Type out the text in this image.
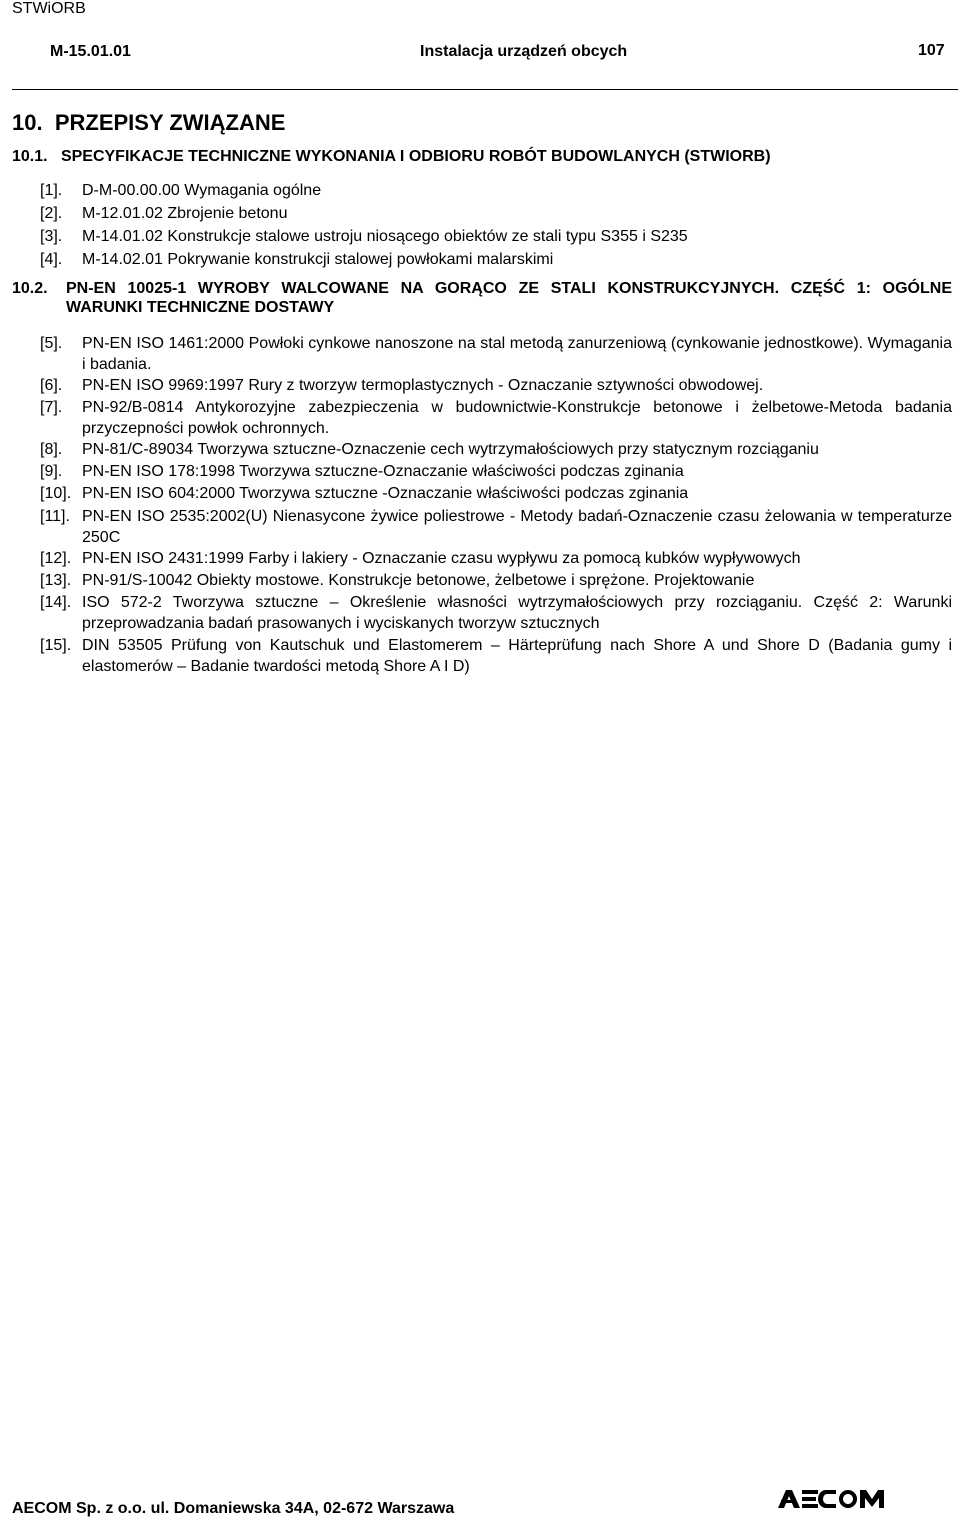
STWiORB
M-15.01.01	Instalacja urządzeń obcych	107
10. PRZEPISY ZWIĄZANE
10.1. SPECYFIKACJE TECHNICZNE WYKONANIA I ODBIORU ROBÓT BUDOWLANYCH (STWIORB)
[1]. D-M-00.00.00 Wymagania ogólne
[2]. M-12.01.02 Zbrojenie betonu
[3]. M-14.01.02 Konstrukcje stalowe ustroju niosącego obiektów ze stali typu S355 i S235
[4]. M-14.02.01 Pokrywanie konstrukcji stalowej powłokami malarskimi
10.2. PN-EN 10025-1 WYROBY WALCOWANE NA GORĄCO ZE STALI KONSTRUKCYJNYCH. CZĘŚĆ 1: OGÓLNE WARUNKI TECHNICZNE DOSTAWY
[5]. PN-EN ISO 1461:2000 Powłoki cynkowe nanoszone na stal metodą zanurzeniową (cynkowanie jednostkowe). Wymagania i badania.
[6]. PN-EN ISO 9969:1997 Rury z tworzyw termoplastycznych - Oznaczanie sztywności obwodowej.
[7]. PN-92/B-0814 Antykorozyjne zabezpieczenia w budownictwie-Konstrukcje betonowe i żelbetowe-Metoda badania przyczepności powłok ochronnych.
[8]. PN-81/C-89034 Tworzywa sztuczne-Oznaczenie cech wytrzymałościowych przy statycznym rozciąganiu
[9]. PN-EN ISO 178:1998 Tworzywa sztuczne-Oznaczanie właściwości podczas zginania
[10]. PN-EN ISO 604:2000 Tworzywa sztuczne -Oznaczanie właściwości podczas zginania
[11]. PN-EN ISO 2535:2002(U) Nienasycone żywice poliestrowe - Metody badań-Oznaczenie czasu żelowania w temperaturze 250C
[12]. PN-EN ISO 2431:1999 Farby i lakiery - Oznaczanie czasu wypływu za pomocą kubków wypływowych
[13]. PN-91/S-10042 Obiekty mostowe. Konstrukcje betonowe, żelbetowe i sprężone. Projektowanie
[14]. ISO 572-2 Tworzywa sztuczne – Określenie własności wytrzymałościowych przy rozciąganiu. Część 2: Warunki przeprowadzania badań prasowanych i wyciskanych tworzyw sztucznych
[15]. DIN 53505 Prüfung von Kautschuk und Elastomerem – Härteprüfung nach Shore A und Shore D (Badania gumy i elastomerów – Badanie twardości metodą Shore A I D)
AECOM Sp. z o.o. ul. Domaniewska 34A, 02-672 Warszawa
